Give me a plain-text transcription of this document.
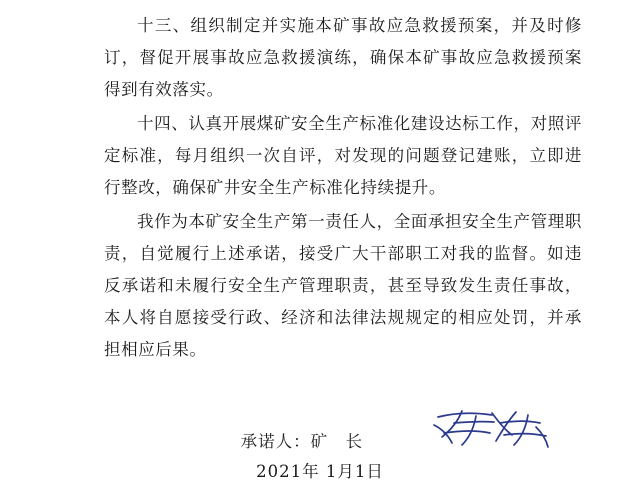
十三、组织制定并实施本矿事故应急救援预案，并及时修订，督促开展事故应急救援演练，确保本矿事故应急救援预案得到有效落实。

十四、认真开展煤矿安全生产标准化建设达标工作，对照评定标准，每月组织一次自评，对发现的问题登记建账，立即进行整改，确保矿井安全生产标准化持续提升。

我作为本矿安全生产第一责任人，全面承担安全生产管理职责，自觉履行上述承诺，接受广大干部职工对我的监督。如违反承诺和未履行安全生产管理职责，甚至导致发生责任事故，本人将自愿接受行政、经济和法律法规规定的相应处罚，并承担相应后果。

承诺人：矿　长
2021年 1月1日
